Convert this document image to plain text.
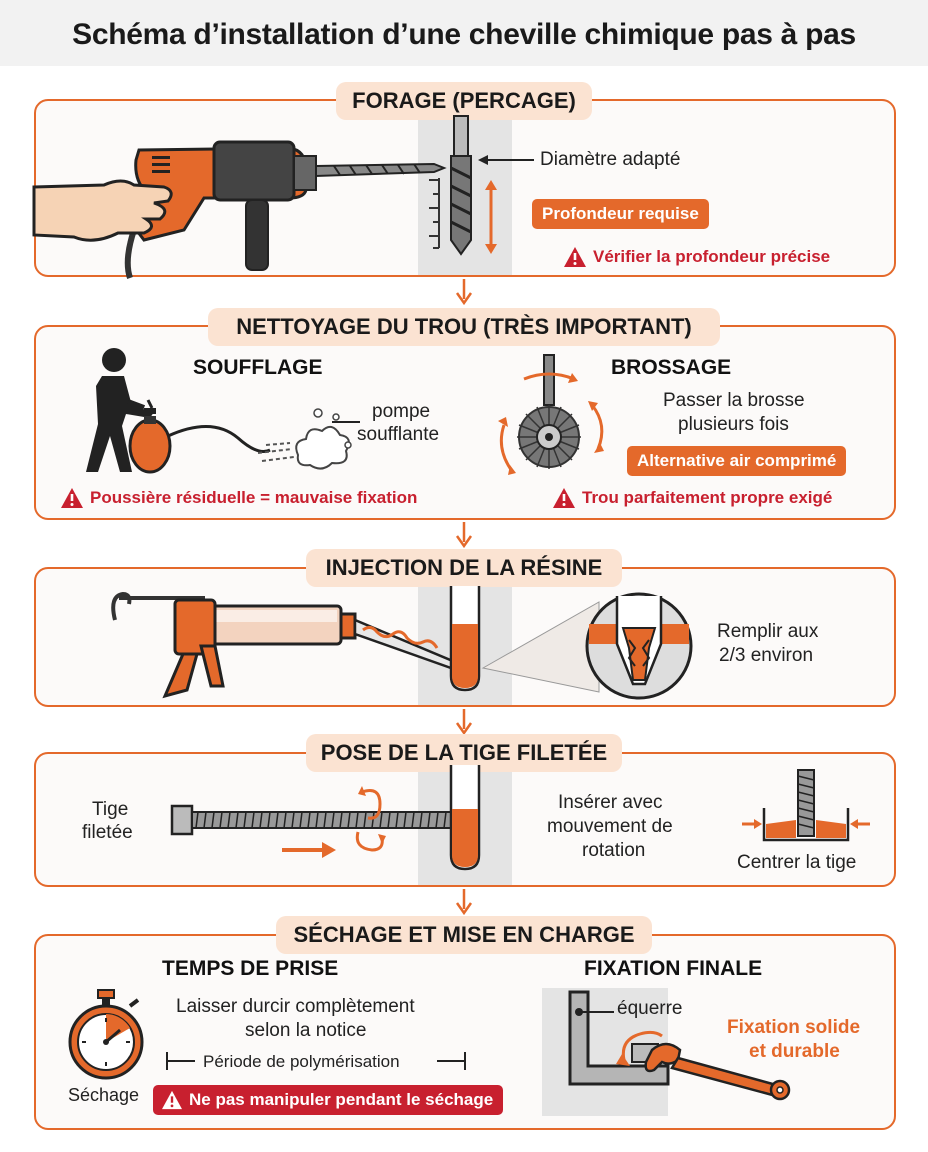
Schéma d’installation d’une cheville chimique pas à pas
FORAGE (PERCAGE)
Diamètre adapté
Profondeur requise
Vérifier la profondeur précise
NETTOYAGE DU TROU (TRÈS IMPORTANT)
SOUFFLAGE
pompe
soufflante
Poussière résiduelle = mauvaise fixation
BROSSAGE
Passer la brosse
plusieurs fois
Alternative air comprimé
Trou parfaitement propre exigé
INJECTION DE LA RÉSINE
Remplir aux
2/3 environ
POSE DE LA TIGE FILETÉE
Tige
filetée
Insérer avec
mouvement de
rotation
Centrer la tige
SÉCHAGE ET MISE EN CHARGE
TEMPS DE PRISE
Séchage
Laisser durcir complètement
selon la notice
Période de polymérisation
Ne pas manipuler pendant le séchage
FIXATION FINALE
équerre
Fixation solide
et durable
